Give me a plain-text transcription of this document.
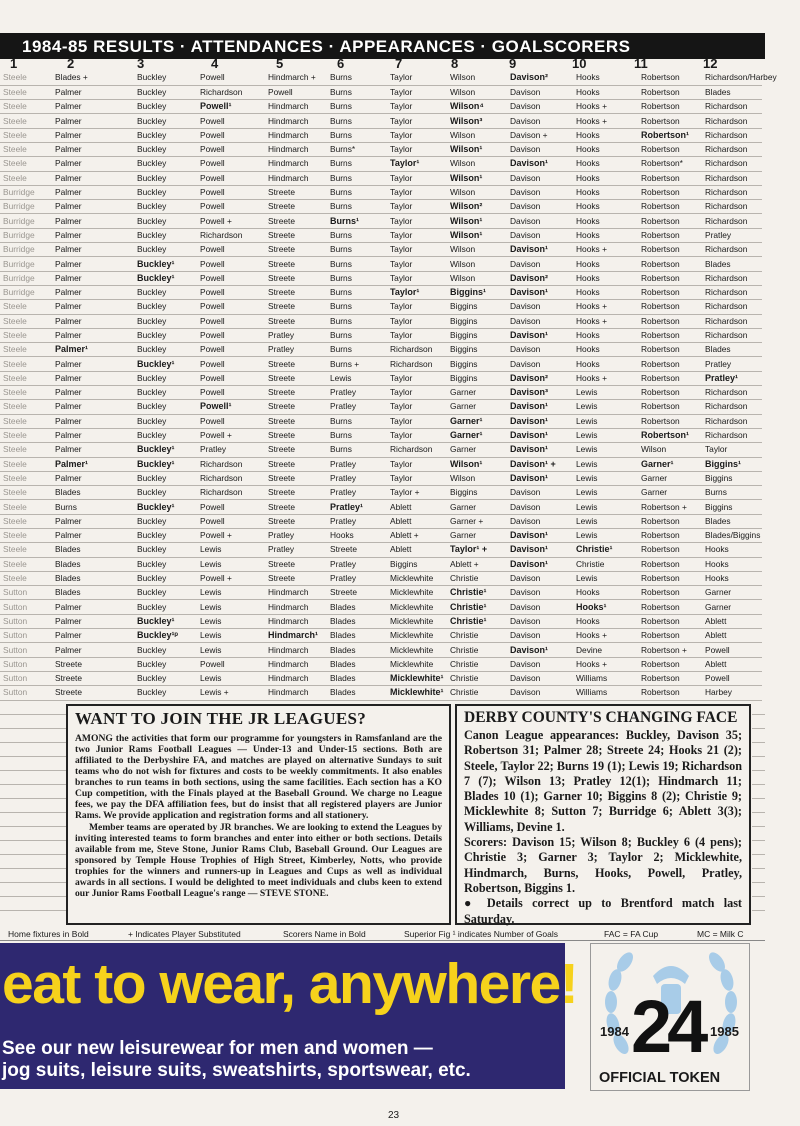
1984-85 RESULTS · ATTENDANCES · APPEARANCES · GOALSCORERS
1	2	3	4	5	6	7	8	9	10	11	12
Steele	Blades +	Buckley	Powell	Hindmarch +	Burns	Taylor	Wilson	Davison²	Hooks	Robertson	Richardson/Harbey
Steele	Palmer	Buckley	Richardson	Powell	Burns	Taylor	Wilson	Davison	Hooks	Robertson	Blades
Steele	Palmer	Buckley	Powell¹	Hindmarch	Burns	Taylor	Wilson⁴	Davison	Hooks +	Robertson	Richardson
Steele	Palmer	Buckley	Powell	Hindmarch	Burns	Taylor	Wilson³	Davison	Hooks +	Robertson	Richardson
Steele	Palmer	Buckley	Powell	Hindmarch	Burns	Taylor	Wilson	Davison +	Hooks	Robertson¹	Richardson
Steele	Palmer	Buckley	Powell	Hindmarch	Burns*	Taylor	Wilson¹	Davison	Hooks	Robertson	Richardson
Steele	Palmer	Buckley	Powell	Hindmarch	Burns	Taylor¹	Wilson	Davison¹	Hooks	Robertson*	Richardson
Steele	Palmer	Buckley	Powell	Hindmarch	Burns	Taylor	Wilson¹	Davison	Hooks	Robertson	Richardson
Burridge	Palmer	Buckley	Powell	Streete	Burns	Taylor	Wilson	Davison	Hooks	Robertson	Richardson
Burridge	Palmer	Buckley	Powell	Streete	Burns	Taylor	Wilson²	Davison	Hooks	Robertson	Richardson
Burridge	Palmer	Buckley	Powell +	Streete	Burns¹	Taylor	Wilson¹	Davison	Hooks	Robertson	Richardson
Burridge	Palmer	Buckley	Richardson	Streete	Burns	Taylor	Wilson¹	Davison	Hooks	Robertson	Pratley
Burridge	Palmer	Buckley	Powell	Streete	Burns	Taylor	Wilson	Davison¹	Hooks +	Robertson	Richardson
Burridge	Palmer	Buckley¹	Powell	Streete	Burns	Taylor	Wilson	Davison	Hooks	Robertson	Blades
Burridge	Palmer	Buckley¹	Powell	Streete	Burns	Taylor	Wilson	Davison²	Hooks	Robertson	Richardson
Burridge	Palmer	Buckley	Powell	Streete	Burns	Taylor¹	Biggins¹	Davison¹	Hooks	Robertson	Richardson
Steele	Palmer	Buckley	Powell	Streete	Burns	Taylor	Biggins	Davison	Hooks +	Robertson	Richardson
Steele	Palmer	Buckley	Powell	Streete	Burns	Taylor	Biggins	Davison	Hooks +	Robertson	Richardson
Steele	Palmer	Buckley	Powell	Pratley	Burns	Taylor	Biggins	Davison¹	Hooks	Robertson	Richardson
Steele	Palmer¹	Buckley	Powell	Pratley	Burns	Richardson	Biggins	Davison	Hooks	Robertson	Blades
Steele	Palmer	Buckley¹	Powell	Streete	Burns +	Richardson	Biggins	Davison	Hooks	Robertson	Pratley
Steele	Palmer	Buckley	Powell	Streete	Lewis	Taylor	Biggins	Davison²	Hooks +	Robertson	Pratley¹
Steele	Palmer	Buckley	Powell	Streete	Pratley	Taylor	Garner	Davison³	Lewis	Robertson	Richardson
Steele	Palmer	Buckley	Powell¹	Streete	Pratley	Taylor	Garner	Davison¹	Lewis	Robertson	Richardson
Steele	Palmer	Buckley	Powell	Streete	Burns	Taylor	Garner¹	Davison¹	Lewis	Robertson	Richardson
Steele	Palmer	Buckley	Powell +	Streete	Burns	Taylor	Garner¹	Davison¹	Lewis	Robertson¹	Richardson
Steele	Palmer	Buckley¹	Pratley	Streete	Burns	Richardson	Garner	Davison¹	Lewis	Wilson	Taylor
Steele	Palmer¹	Buckley¹	Richardson	Streete	Pratley	Taylor	Wilson¹	Davison¹ +	Lewis	Garner¹	Biggins¹
Steele	Palmer	Buckley	Richardson	Streete	Pratley	Taylor	Wilson	Davison¹	Lewis	Garner	Biggins
Steele	Blades	Buckley	Richardson	Streete	Pratley	Taylor +	Biggins	Davison	Lewis	Garner	Burns
Steele	Burns	Buckley¹	Powell	Streete	Pratley¹	Ablett	Garner	Davison	Lewis	Robertson +	Biggins
Steele	Palmer	Buckley	Powell	Streete	Pratley	Ablett	Garner +	Davison	Lewis	Robertson	Blades
Steele	Palmer	Buckley	Powell +	Pratley	Hooks	Ablett +	Garner	Davison¹	Lewis	Robertson	Blades/Biggins
Steele	Blades	Buckley	Lewis	Pratley	Streete	Ablett	Taylor¹ +	Davison¹	Christie¹	Robertson	Hooks
Steele	Blades	Buckley	Lewis	Streete	Pratley	Biggins	Ablett +	Davison¹	Christie	Robertson	Hooks
Steele	Blades	Buckley	Powell +	Streete	Pratley	Micklewhite	Christie	Davison	Lewis	Robertson	Hooks
Sutton	Blades	Buckley	Lewis	Hindmarch	Streete	Micklewhite	Christie¹	Davison	Hooks	Robertson	Garner
Sutton	Palmer	Buckley	Lewis	Hindmarch	Blades	Micklewhite	Christie¹	Davison	Hooks¹	Robertson	Garner
Sutton	Palmer	Buckley¹	Lewis	Hindmarch	Blades	Micklewhite	Christie¹	Davison	Hooks	Robertson	Ablett
Sutton	Palmer	Buckley¹ᵖ	Lewis	Hindmarch¹	Blades	Micklewhite	Christie	Davison	Hooks +	Robertson	Ablett
Sutton	Palmer	Buckley	Lewis	Hindmarch	Blades	Micklewhite	Christie	Davison¹	Devine	Robertson +	Powell
Sutton	Streete	Buckley	Powell	Hindmarch	Blades	Micklewhite	Christie	Davison	Hooks +	Robertson	Ablett
Sutton	Streete	Buckley	Lewis	Hindmarch	Blades	Micklewhite¹	Christie	Davison	Williams	Robertson	Powell
Sutton	Streete	Buckley	Lewis +	Hindmarch	Blades	Micklewhite¹	Christie	Davison	Williams	Robertson	Harbey
WANT TO JOIN THE JR LEAGUES?

AMONG the activities that form our programme for youngsters in Ramsfanland are the two Junior Rams Football Leagues — Under-13 and Under-15 sections. Both are affiliated to the Derbyshire FA, and matches are played on alternative Sundays to suit teams who do not wish for fixtures and costs to be weekly commitments. It also enables branches to run teams in both sections, using the same facilities. Each section has a KO Cup competition, with the Finals played at the Baseball Ground. We charge no League fees, we pay the DFA affiliation fees, but do insist that all registered players are Junior Rams. We provide application and registration forms and all stationery.

Member teams are operated by JR branches. We are looking to extend the Leagues by inviting interested teams to form branches and enter into either or both sections. Details available from me, Steve Stone, Junior Rams Club, Baseball Ground. Our Leagues are sponsored by Temple House Trophies of High Street, Kimberley, Notts, who provide trophies for the winners and runners-up in Leagues and Cups as well as individual awards in all sections. I would be delighted to meet individuals and clubs keen to extend our Junior Rams Football League's range — STEVE STONE.

DERBY COUNTY'S CHANGING FACE

Canon League appearances: Buckley, Davison 35; Robertson 31; Palmer 28; Streete 24; Hooks 21 (2); Steele, Taylor 22; Burns 19 (1); Lewis 19; Richardson 7 (7); Wilson 13; Pratley 12(1); Hindmarch 11; Blades 10 (1); Garner 10; Biggins 8 (2); Christie 9; Micklewhite 8; Sutton 7; Burridge 6; Ablett 3(3); Williams, Devine 1.

Scorers: Davison 15; Wilson 8; Buckley 6 (4 pens); Christie 3; Garner 3; Taylor 2; Micklewhite, Hindmarch, Burns, Hooks, Powell, Pratley, Robertson, Biggins 1.

● Details correct up to Brentford match last Saturday.

Home fixtures in Bold	+ Indicates Player Substituted	Scorers Name in Bold	Superior Fig ¹ indicates Number of Goals	FAC = FA Cup	MC = Milk C
eat to wear, anywhere!
See our new leisurewear for men and women —
jog suits, leisure suits, sweatshirts, sportswear, etc.
1984 24 1985
OFFICIAL TOKEN
23
